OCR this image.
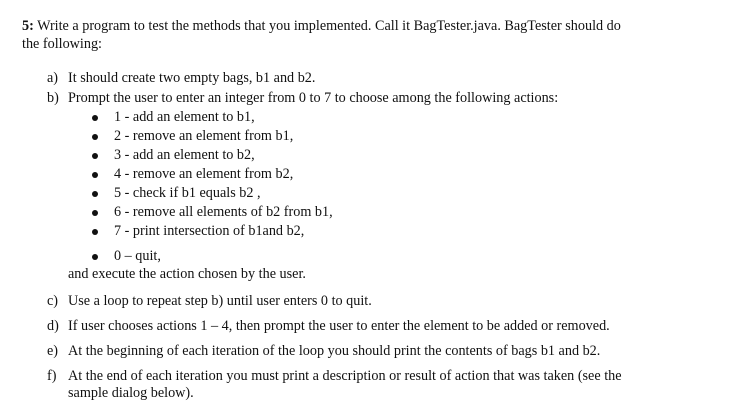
5: Write a program to test the methods that you implemented. Call it BagTester.java. BagTester should do
the following:
a) It should create two empty bags, b1 and b2.
b) Prompt the user to enter an integer from 0 to 7 to choose among the following actions:
1 - add an element to b1,
2 - remove an element from b1,
3 - add an element to b2,
4 - remove an element from b2,
5 - check if b1 equals b2 ,
6 - remove all elements of b2 from b1,
7 - print intersection of b1and b2,
0 – quit,
and execute the action chosen by the user.
c) Use a loop to repeat step b) until user enters 0 to quit.
d) If user chooses actions 1 – 4, then prompt the user to enter the element to be added or removed.
e) At the beginning of each iteration of the loop you should print the contents of bags b1 and b2.
f) At the end of each iteration you must print a description or result of action that was taken (see the
sample dialog below).
